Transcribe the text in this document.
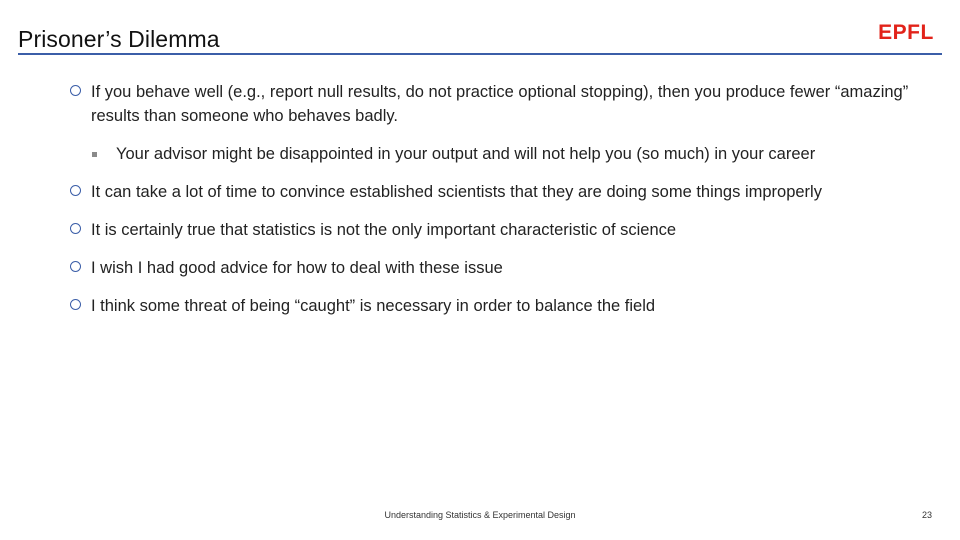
Prisoner’s Dilemma	EPFL
If you behave well (e.g., report null results, do not practice optional stopping), then you produce fewer “amazing” results than someone who behaves badly.
Your advisor might be disappointed in your output and will not help you (so much) in your career
It can take a lot of time to convince established scientists that they are doing some things improperly
It is certainly true that statistics is not the only important characteristic of science
I wish I had good advice for how to deal with these issue
I think some threat of being “caught” is necessary in order to balance the field
Understanding Statistics & Experimental Design	23
